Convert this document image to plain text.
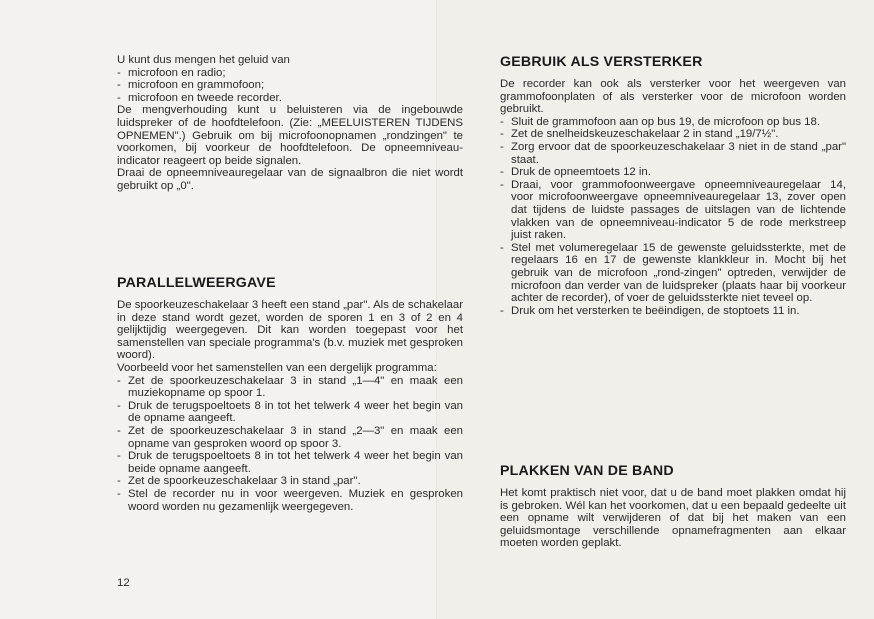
U kunt dus mengen het geluid van

- microfoon en radio;
- microfoon en grammofoon;
- microfoon en tweede recorder.

De mengverhouding kunt u beluisteren via de ingebouwde luidspreker of de hoofdtelefoon. (Zie: „MEELUISTEREN TIJDENS OPNEMEN".) Gebruik om bij microfoonopnamen „rondzingen" te voorkomen, bij voorkeur de hoofdtelefoon. De opneemniveau-indicator reageert op beide signalen.

Draai de opneemniveauregelaar van de signaalbron die niet wordt gebruikt op „0".

PARALLELWEERGAVE

De spoorkeuzeschakelaar 3 heeft een stand „par". Als de schakelaar in deze stand wordt gezet, worden de sporen 1 en 3 of 2 en 4 gelijktijdig weergegeven. Dit kan worden toegepast voor het samenstellen van speciale programma's (b.v. muziek met gesproken woord).

Voorbeeld voor het samenstellen van een dergelijk programma:

- Zet de spoorkeuzeschakelaar 3 in stand „1—4" en maak een muziekopname op spoor 1.
- Druk de terugspoeltoets 8 in tot het telwerk 4 weer het begin van de opname aangeeft.
- Zet de spoorkeuzeschakelaar 3 in stand „2—3" en maak een opname van gesproken woord op spoor 3.
- Druk de terugspoeltoets 8 in tot het telwerk 4 weer het begin van beide opname aangeeft.
- Zet de spoorkeuzeschakelaar 3 in stand „par".
- Stel de recorder nu in voor weergeven. Muziek en gesproken woord worden nu gezamenlijk weergegeven.
12
GEBRUIK ALS VERSTERKER

De recorder kan ook als versterker voor het weergeven van grammofoonplaten of als versterker voor de microfoon worden gebruikt.

- Sluit de grammofoon aan op bus 19, de microfoon op bus 18.
- Zet de snelheidskeuzeschakelaar 2 in stand „19/7½".
- Zorg ervoor dat de spoorkeuzeschakelaar 3 niet in de stand „par" staat.
- Druk de opneemtoets 12 in.
- Draai, voor grammofoonweergave opneemniveauregelaar 14, voor microfoonweergave opneemniveauregelaar 13, zover open dat tijdens de luidste passages de uitslagen van de lichtende vlakken van de opneemniveau-indicator 5 de rode merkstreep juist raken.
- Stel met volumeregelaar 15 de gewenste geluidssterkte, met de regelaars 16 en 17 de gewenste klankkleur in. Mocht bij het gebruik van de microfoon „rond-zingen" optreden, verwijder de microfoon dan verder van de luidspreker (plaats haar bij voorkeur achter de recorder), of voer de geluidssterkte niet teveel op.
- Druk om het versterken te beëindigen, de stoptoets 11 in.
PLAKKEN VAN DE BAND

Het komt praktisch niet voor, dat u de band moet plakken omdat hij is gebroken. Wél kan het voorkomen, dat u een bepaald gedeelte uit een opname wilt verwijderen of dat bij het maken van een geluidsmontage verschillende opnamefragmenten aan elkaar moeten worden geplakt.
